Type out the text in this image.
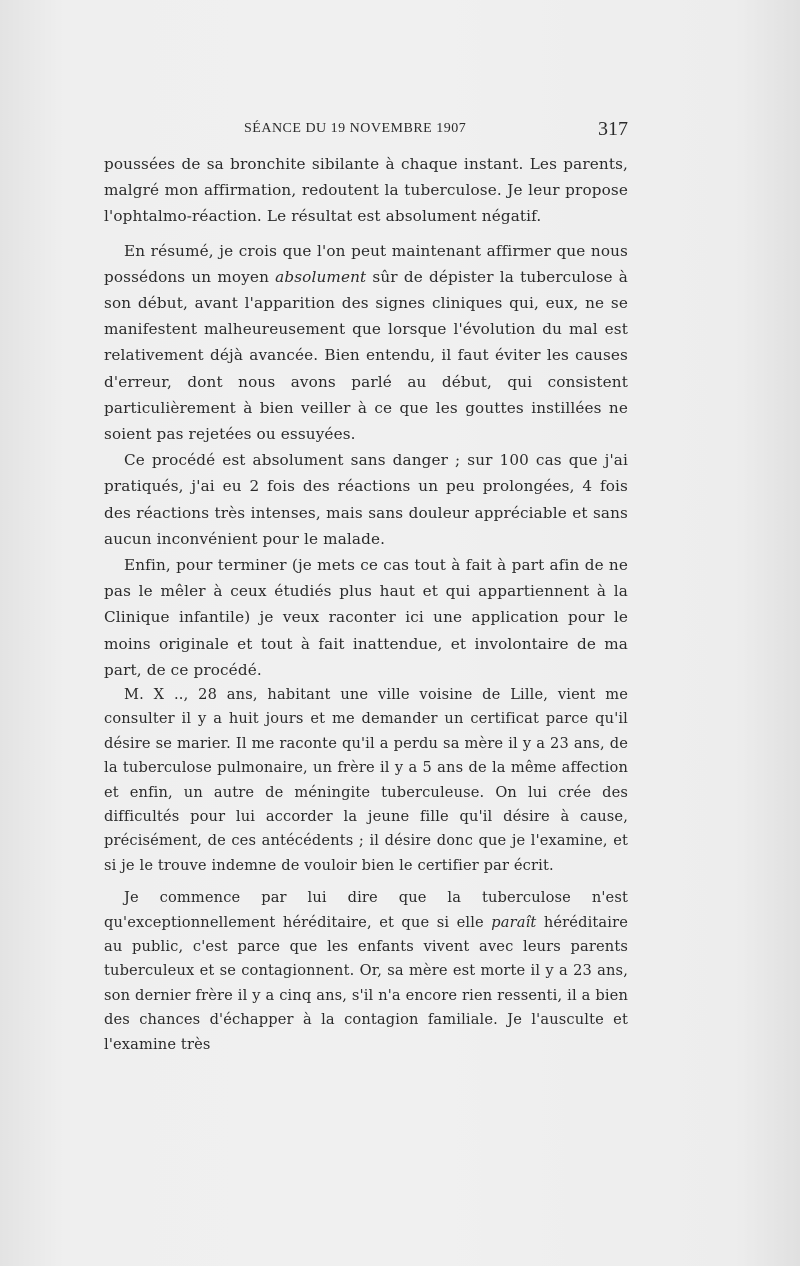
SÉANCE DU 19 NOVEMBRE 1907	317

poussées de sa bronchite sibilante à chaque instant. Les parents, malgré mon affirmation, redoutent la tuberculose. Je leur propose l'ophtalmo-réaction. Le résultat est absolument négatif.

En résumé, je crois que l'on peut maintenant affirmer que nous possédons un moyen absolument sûr de dépister la tuberculose à son début, avant l'apparition des signes cliniques qui, eux, ne se manifestent malheureusement que lorsque l'évolution du mal est relativement déjà avancée. Bien entendu, il faut éviter les causes d'erreur, dont nous avons parlé au début, qui consistent particulièrement à bien veiller à ce que les gouttes instillées ne soient pas rejetées ou essuyées.

Ce procédé est absolument sans danger ; sur 100 cas que j'ai pratiqués, j'ai eu 2 fois des réactions un peu prolongées, 4 fois des réactions très intenses, mais sans douleur appréciable et sans aucun inconvénient pour le malade.

Enfin, pour terminer (je mets ce cas tout à fait à part afin de ne pas le mêler à ceux étudiés plus haut et qui appartiennent à la Clinique infantile) je veux raconter ici une application pour le moins originale et tout à fait inattendue, et involontaire de ma part, de ce procédé.

M. X .., 28 ans, habitant une ville voisine de Lille, vient me consulter il y a huit jours et me demander un certificat parce qu'il désire se marier. Il me raconte qu'il a perdu sa mère il y a 23 ans, de la tuberculose pulmonaire, un frère il y a 5 ans de la même affection et enfin, un autre de méningite tuberculeuse. On lui crée des difficultés pour lui accorder la jeune fille qu'il désire à cause, précisément, de ces antécédents ; il désire donc que je l'examine, et si je le trouve indemne de vouloir bien le certifier par écrit.

Je commence par lui dire que la tuberculose n'est qu'exceptionnellement héréditaire, et que si elle paraît héréditaire au public, c'est parce que les enfants vivent avec leurs parents tuberculeux et se contagionnent. Or, sa mère est morte il y a 23 ans, son dernier frère il y a cinq ans, s'il n'a encore rien ressenti, il a bien des chances d'échapper à la contagion familiale. Je l'ausculte et l'examine très
